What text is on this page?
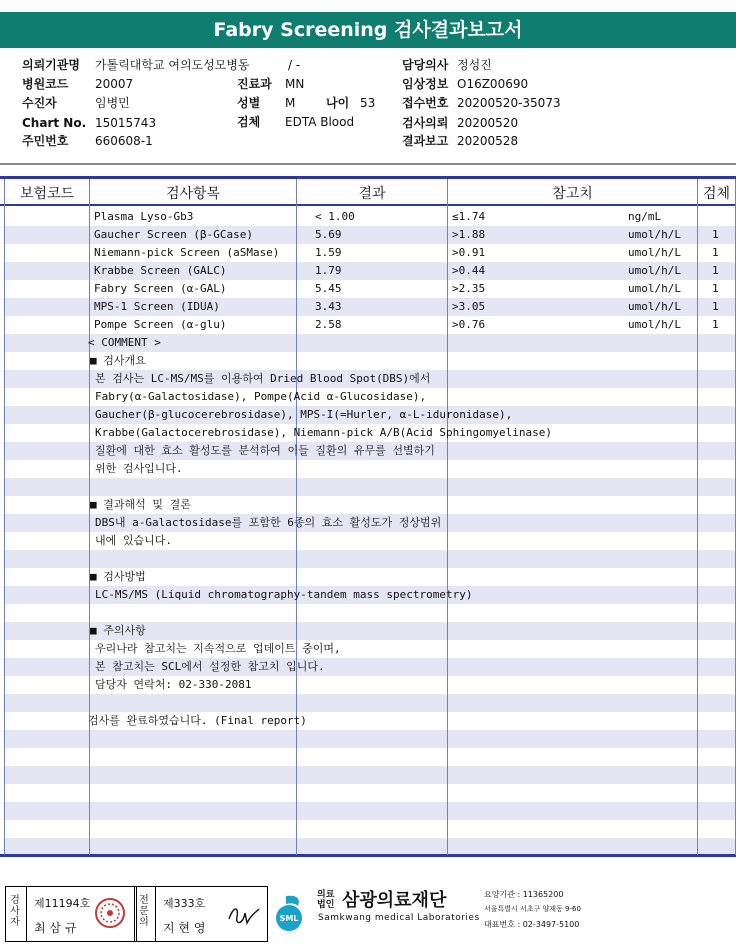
Fabry Screening 검사결과보고서
의뢰기관명 가톨릭대학교 여의도성모병동	/ -
병원코드 20007	진료과 MN
수진자	임병민	성별 M	나이 53
Chart No. 15015743	검체 EDTA Blood
주민번호 660608-1
담당의사 정성진
임상정보 O16Z00690
접수번호 20200520-35073
검사의뢰 20200520
결과보고 20200528
보험코드	검사항목	결과	참고치	검체
Plasma Lyso-Gb3	< 1.00	≤1.74	ng/mL
Gaucher Screen (β-GCase)	5.69	>1.88	umol/h/L	1
Niemann-pick Screen (aSMase)	1.59	>0.91	umol/h/L	1
Krabbe Screen (GALC)	1.79	>0.44	umol/h/L	1
Fabry Screen (α-GAL)	5.45	>2.35	umol/h/L	1
MPS-1 Screen (IDUA)	3.43	>3.05	umol/h/L	1
Pompe Screen (α-glu)	2.58	>0.76	umol/h/L	1
< COMMENT >
■ 검사개요
본 검사는 LC-MS/MS를 이용하여 Dried Blood Spot(DBS)에서
Fabry(α-Galactosidase), Pompe(Acid α-Glucosidase),
Gaucher(β-glucocerebrosidase), MPS-I(=Hurler, α-L-iduronidase),
Krabbe(Galactocerebrosidase), Niemann-pick A/B(Acid Sphingomyelinase)
질환에 대한 효소 활성도를 분석하여 이들 질환의 유무를 선별하기
위한 검사입니다.
■ 결과해석 및 결론
DBS내 a-Galactosidase를 포함한 6종의 효소 활성도가 정상범위
내에 있습니다.
■ 검사방법
LC-MS/MS (Liquid chromatography-tandem mass spectrometry)
■ 주의사항
우리나라 참고치는 지속적으로 업데이트 중이며,
본 참고치는 SCL에서 설정한 참고치 입니다.
담당자 연락처: 02-330-2081
검사를 완료하였습니다. (Final report)
검사자
제11194호
최 삼 규
전문의
제333호
지 현 영
SML
의료
법인 삼광의료재단
Samkwang medical Laboratories
요양기관 : 11365200
서울특별시 서초구 양재동 9-60
대표번호 : 02-3497-5100
